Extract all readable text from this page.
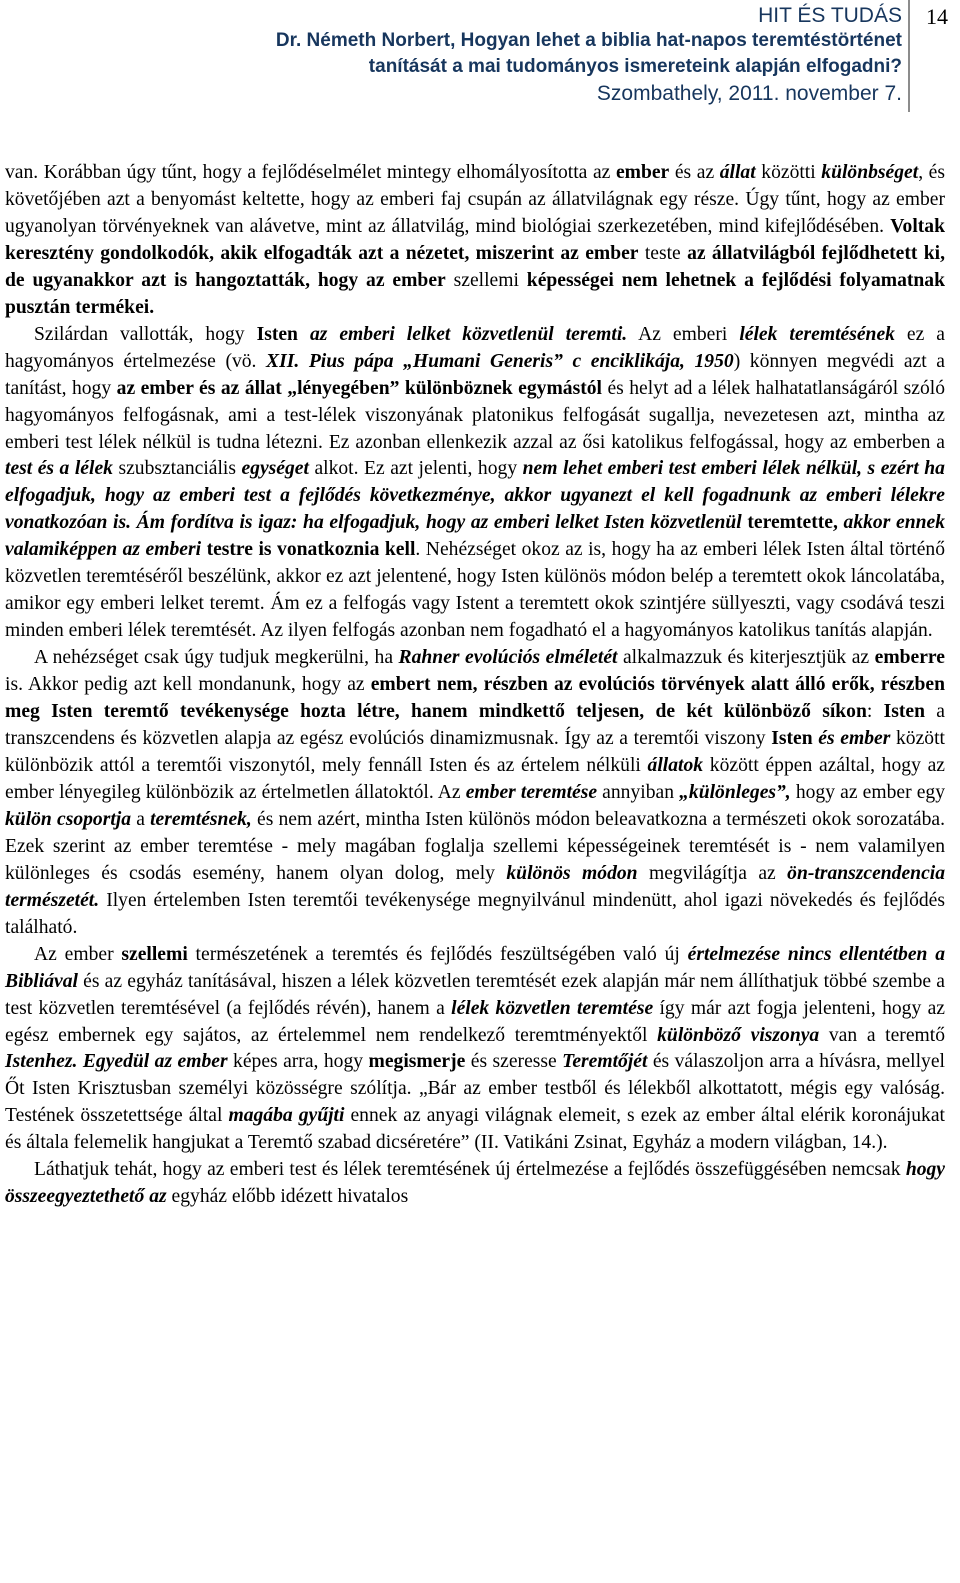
HIT ÉS TUDÁS
Dr. Németh Norbert, Hogyan lehet a biblia hat-napos teremtéstörténet
tanítását a mai tudományos ismereteink alapján elfogadni?
Szombathely, 2011. november 7.
14

van. Korábban úgy tűnt, hogy a fejlődéselmélet mintegy elhomályosította az ember és az állat közötti különbséget, és követőjében azt a benyomást keltette, hogy az emberi faj csupán az állatvilágnak egy része. Úgy tűnt, hogy az ember ugyanolyan törvényeknek van alávetve, mint az állatvilág, mind biológiai szerkezetében, mind kifejlődésében. Voltak keresztény gondolkodók, akik elfogadták azt a nézetet, miszerint az ember teste az állatvilágból fejlődhetett ki, de ugyanakkor azt is hangoztatták, hogy az ember szellemi képességei nem lehetnek a fejlődési folyamatnak pusztán termékei.

Szilárdan vallották, hogy Isten az emberi lelket közvetlenül teremti. Az emberi lélek teremtésének ez a hagyományos értelmezése (vö. XII. Pius pápa „Humani Generis” c enciklikája, 1950) könnyen megvédi azt a tanítást, hogy az ember és az állat „lényegében” különböznek egymástól és helyt ad a lélek halhatatlanságáról szóló hagyományos felfogásnak, ami a test-lélek viszonyának platonikus felfogását sugallja, nevezetesen azt, mintha az emberi test lélek nélkül is tudna létezni. Ez azonban ellenkezik azzal az ősi katolikus felfogással, hogy az emberben a test és a lélek szubsztanciális egységet alkot. Ez azt jelenti, hogy nem lehet emberi test emberi lélek nélkül, s ezért ha elfogadjuk, hogy az emberi test a fejlődés következménye, akkor ugyanezt el kell fogadnunk az emberi lélekre vonatkozóan is. Ám fordítva is igaz: ha elfogadjuk, hogy az emberi lelket Isten közvetlenül teremtette, akkor ennek valamiképpen az emberi testre is vonatkoznia kell. Nehézséget okoz az is, hogy ha az emberi lélek Isten által történő közvetlen teremtéséről beszélünk, akkor ez azt jelentené, hogy Isten különös módon belép a teremtett okok láncolatába, amikor egy emberi lelket teremt. Ám ez a felfogás vagy Istent a teremtett okok szintjére süllyeszti, vagy csodává teszi minden emberi lélek teremtését. Az ilyen felfogás azonban nem fogadható el a hagyományos katolikus tanítás alapján.

A nehézséget csak úgy tudjuk megkerülni, ha Rahner evolúciós elméletét alkalmazzuk és kiterjesztjük az emberre is. Akkor pedig azt kell mondanunk, hogy az embert nem, részben az evolúciós törvények alatt álló erők, részben meg Isten teremtő tevékenysége hozta létre, hanem mindkettő teljesen, de két különböző síkon: Isten a transzcendens és közvetlen alapja az egész evolúciós dinamizmusnak. Így az a teremtői viszony Isten és ember között különbözik attól a teremtői viszonytól, mely fennáll Isten és az értelem nélküli állatok között éppen azáltal, hogy az ember lényegileg különbözik az értelmetlen állatoktól. Az ember teremtése annyiban „különleges”, hogy az ember egy külön csoportja a teremtésnek, és nem azért, mintha Isten különös módon beleavatkozna a természeti okok sorozatába. Ezek szerint az ember teremtése - mely magában foglalja szellemi képességeinek teremtését is - nem valamilyen különleges és csodás esemény, hanem olyan dolog, mely különös módon megvilágítja az ön-transzcendencia természetét. Ilyen értelemben Isten teremtői tevékenysége megnyilvánul mindenütt, ahol igazi növekedés és fejlődés található.

Az ember szellemi természetének a teremtés és fejlődés feszültségében való új értelmezése nincs ellentétben a Bibliával és az egyház tanításával, hiszen a lélek közvetlen teremtését ezek alapján már nem állíthatjuk többé szembe a test közvetlen teremtésével (a fejlődés révén), hanem a lélek közvetlen teremtése így már azt fogja jelenteni, hogy az egész embernek egy sajátos, az értelemmel nem rendelkező teremtményektől különböző viszonya van a teremtő Istenhez. Egyedül az ember képes arra, hogy megismerje és szeresse Teremtőjét és válaszoljon arra a hívásra, mellyel Őt Isten Krisztusban személyi közösségre szólítja. „Bár az ember testből és lélekből alkottatott, mégis egy valóság. Testének összetettsége által magába gyűjti ennek az anyagi világnak elemeit, s ezek az ember által elérik koronájukat és általa felemelik hangjukat a Teremtő szabad dicséretére” (II. Vatikáni Zsinat, Egyház a modern világban, 14.).

Láthatjuk tehát, hogy az emberi test és lélek teremtésének új értelmezése a fejlődés összefüggésében nemcsak hogy összeegyeztethető az egyház előbb idézett hivatalos
